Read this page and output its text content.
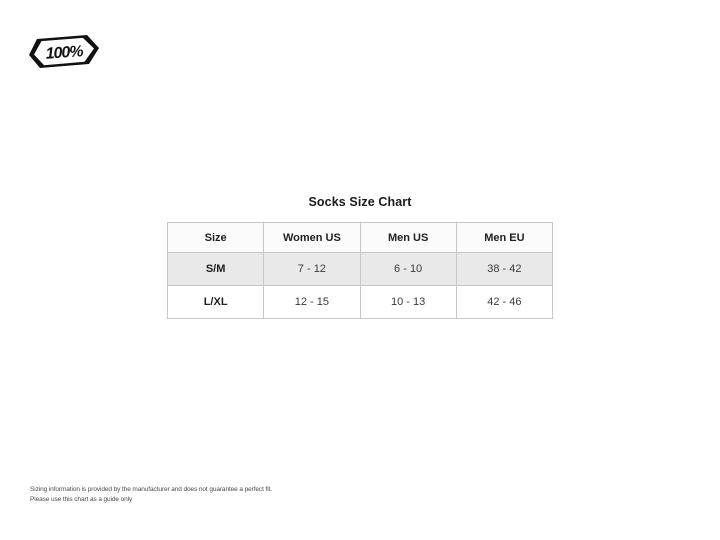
100%
Socks Size Chart
Size	Women US	Men US	Men EU
S/M	7 - 12	6 - 10	38 - 42
L/XL	12 - 15	10 - 13	42 - 46
Sizing information is provided by the manufacturer and does not guarantee a perfect fit.
Please use this chart as a guide only
